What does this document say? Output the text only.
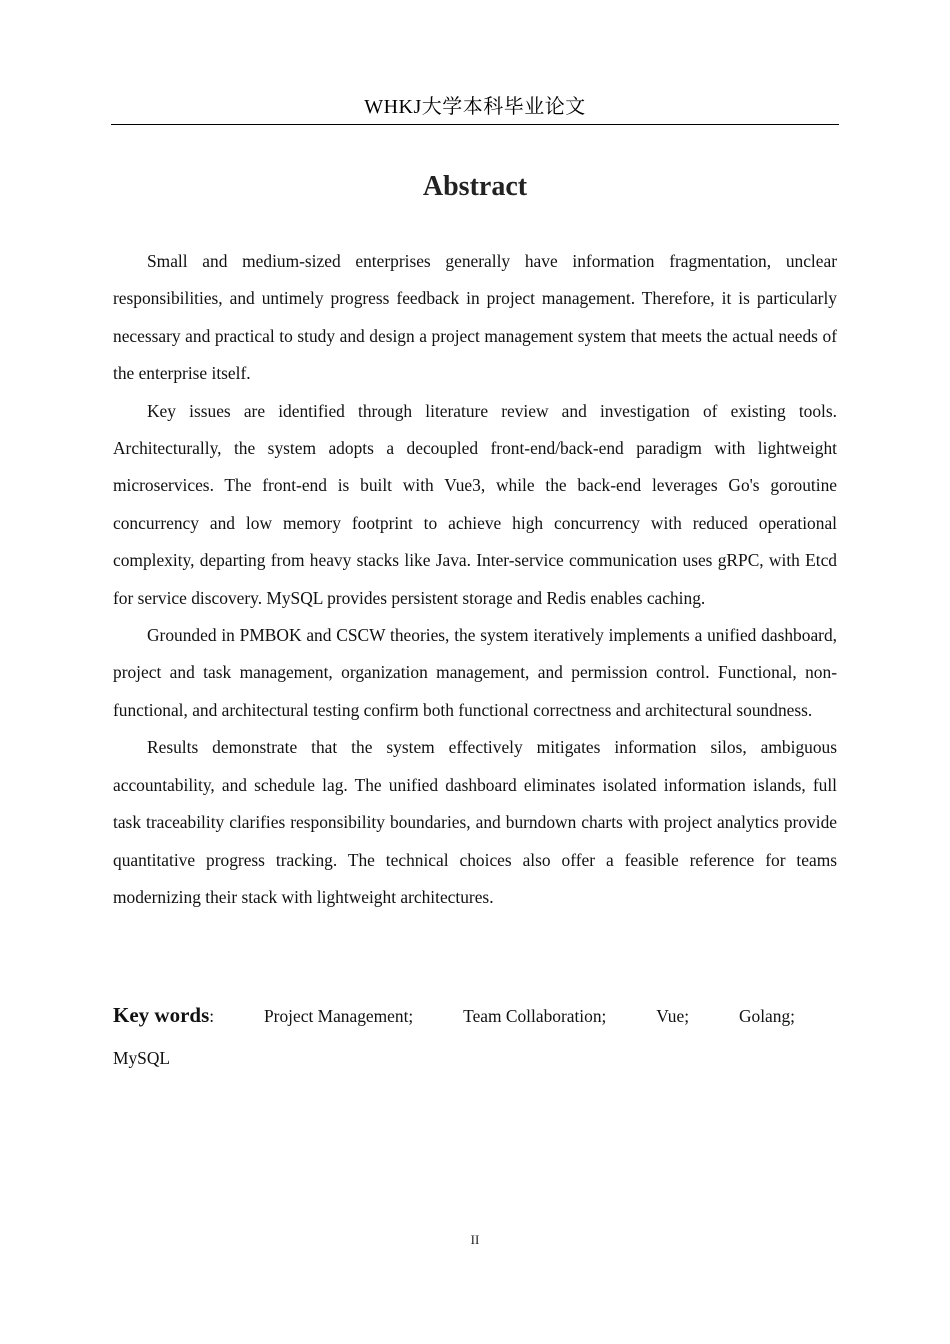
WHKJ大学本科毕业论文
Abstract

Small and medium-sized enterprises generally have information fragmentation, unclear responsibilities, and untimely progress feedback in project management. Therefore, it is particularly necessary and practical to study and design a project management system that meets the actual needs of the enterprise itself.

Key issues are identified through literature review and investigation of existing tools. Architecturally, the system adopts a decoupled front-end/back-end paradigm with lightweight microservices. The front-end is built with Vue3, while the back-end leverages Go's goroutine concurrency and low memory footprint to achieve high concurrency with reduced operational complexity, departing from heavy stacks like Java. Inter-service communication uses gRPC, with Etcd for service discovery. MySQL provides persistent storage and Redis enables caching.

Grounded in PMBOK and CSCW theories, the system iteratively implements a unified dashboard, project and task management, organization management, and permission control. Functional, non-functional, and architectural testing confirm both functional correctness and architectural soundness.

Results demonstrate that the system effectively mitigates information silos, ambiguous accountability, and schedule lag. The unified dashboard eliminates isolated information islands, full task traceability clarifies responsibility boundaries, and burndown charts with project analytics provide quantitative progress tracking. The technical choices also offer a feasible reference for teams modernizing their stack with lightweight architectures.

Key words:	Project Management;	Team Collaboration;	Vue;	Golang;
MySQL
II
